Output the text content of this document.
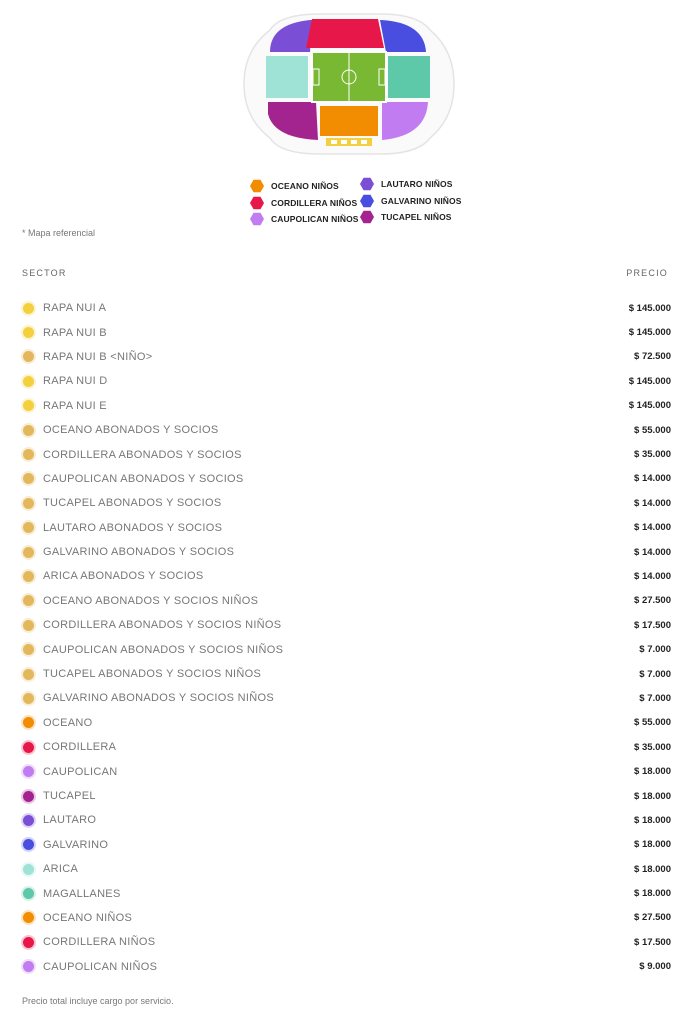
OCEANO NIÑOS	LAUTARO NIÑOS
CORDILLERA NIÑOS	GALVARINO NIÑOS
CAUPOLICAN NIÑOS	TUCAPEL NIÑOS
* Mapa referencial
SECTOR	PRECIO
RAPA NUI A	$ 145.000
RAPA NUI B	$ 145.000
RAPA NUI B <NIÑO>	$ 72.500
RAPA NUI D	$ 145.000
RAPA NUI E	$ 145.000
OCEANO ABONADOS Y SOCIOS	$ 55.000
CORDILLERA ABONADOS Y SOCIOS	$ 35.000
CAUPOLICAN ABONADOS Y SOCIOS	$ 14.000
TUCAPEL ABONADOS Y SOCIOS	$ 14.000
LAUTARO ABONADOS Y SOCIOS	$ 14.000
GALVARINO ABONADOS Y SOCIOS	$ 14.000
ARICA ABONADOS Y SOCIOS	$ 14.000
OCEANO ABONADOS Y SOCIOS NIÑOS	$ 27.500
CORDILLERA ABONADOS Y SOCIOS NIÑOS	$ 17.500
CAUPOLICAN ABONADOS Y SOCIOS NIÑOS	$ 7.000
TUCAPEL ABONADOS Y SOCIOS NIÑOS	$ 7.000
GALVARINO ABONADOS Y SOCIOS NIÑOS	$ 7.000
OCEANO	$ 55.000
CORDILLERA	$ 35.000
CAUPOLICAN	$ 18.000
TUCAPEL	$ 18.000
LAUTARO	$ 18.000
GALVARINO	$ 18.000
ARICA	$ 18.000
MAGALLANES	$ 18.000
OCEANO NIÑOS	$ 27.500
CORDILLERA NIÑOS	$ 17.500
CAUPOLICAN NIÑOS	$ 9.000
Precio total incluye cargo por servicio.
